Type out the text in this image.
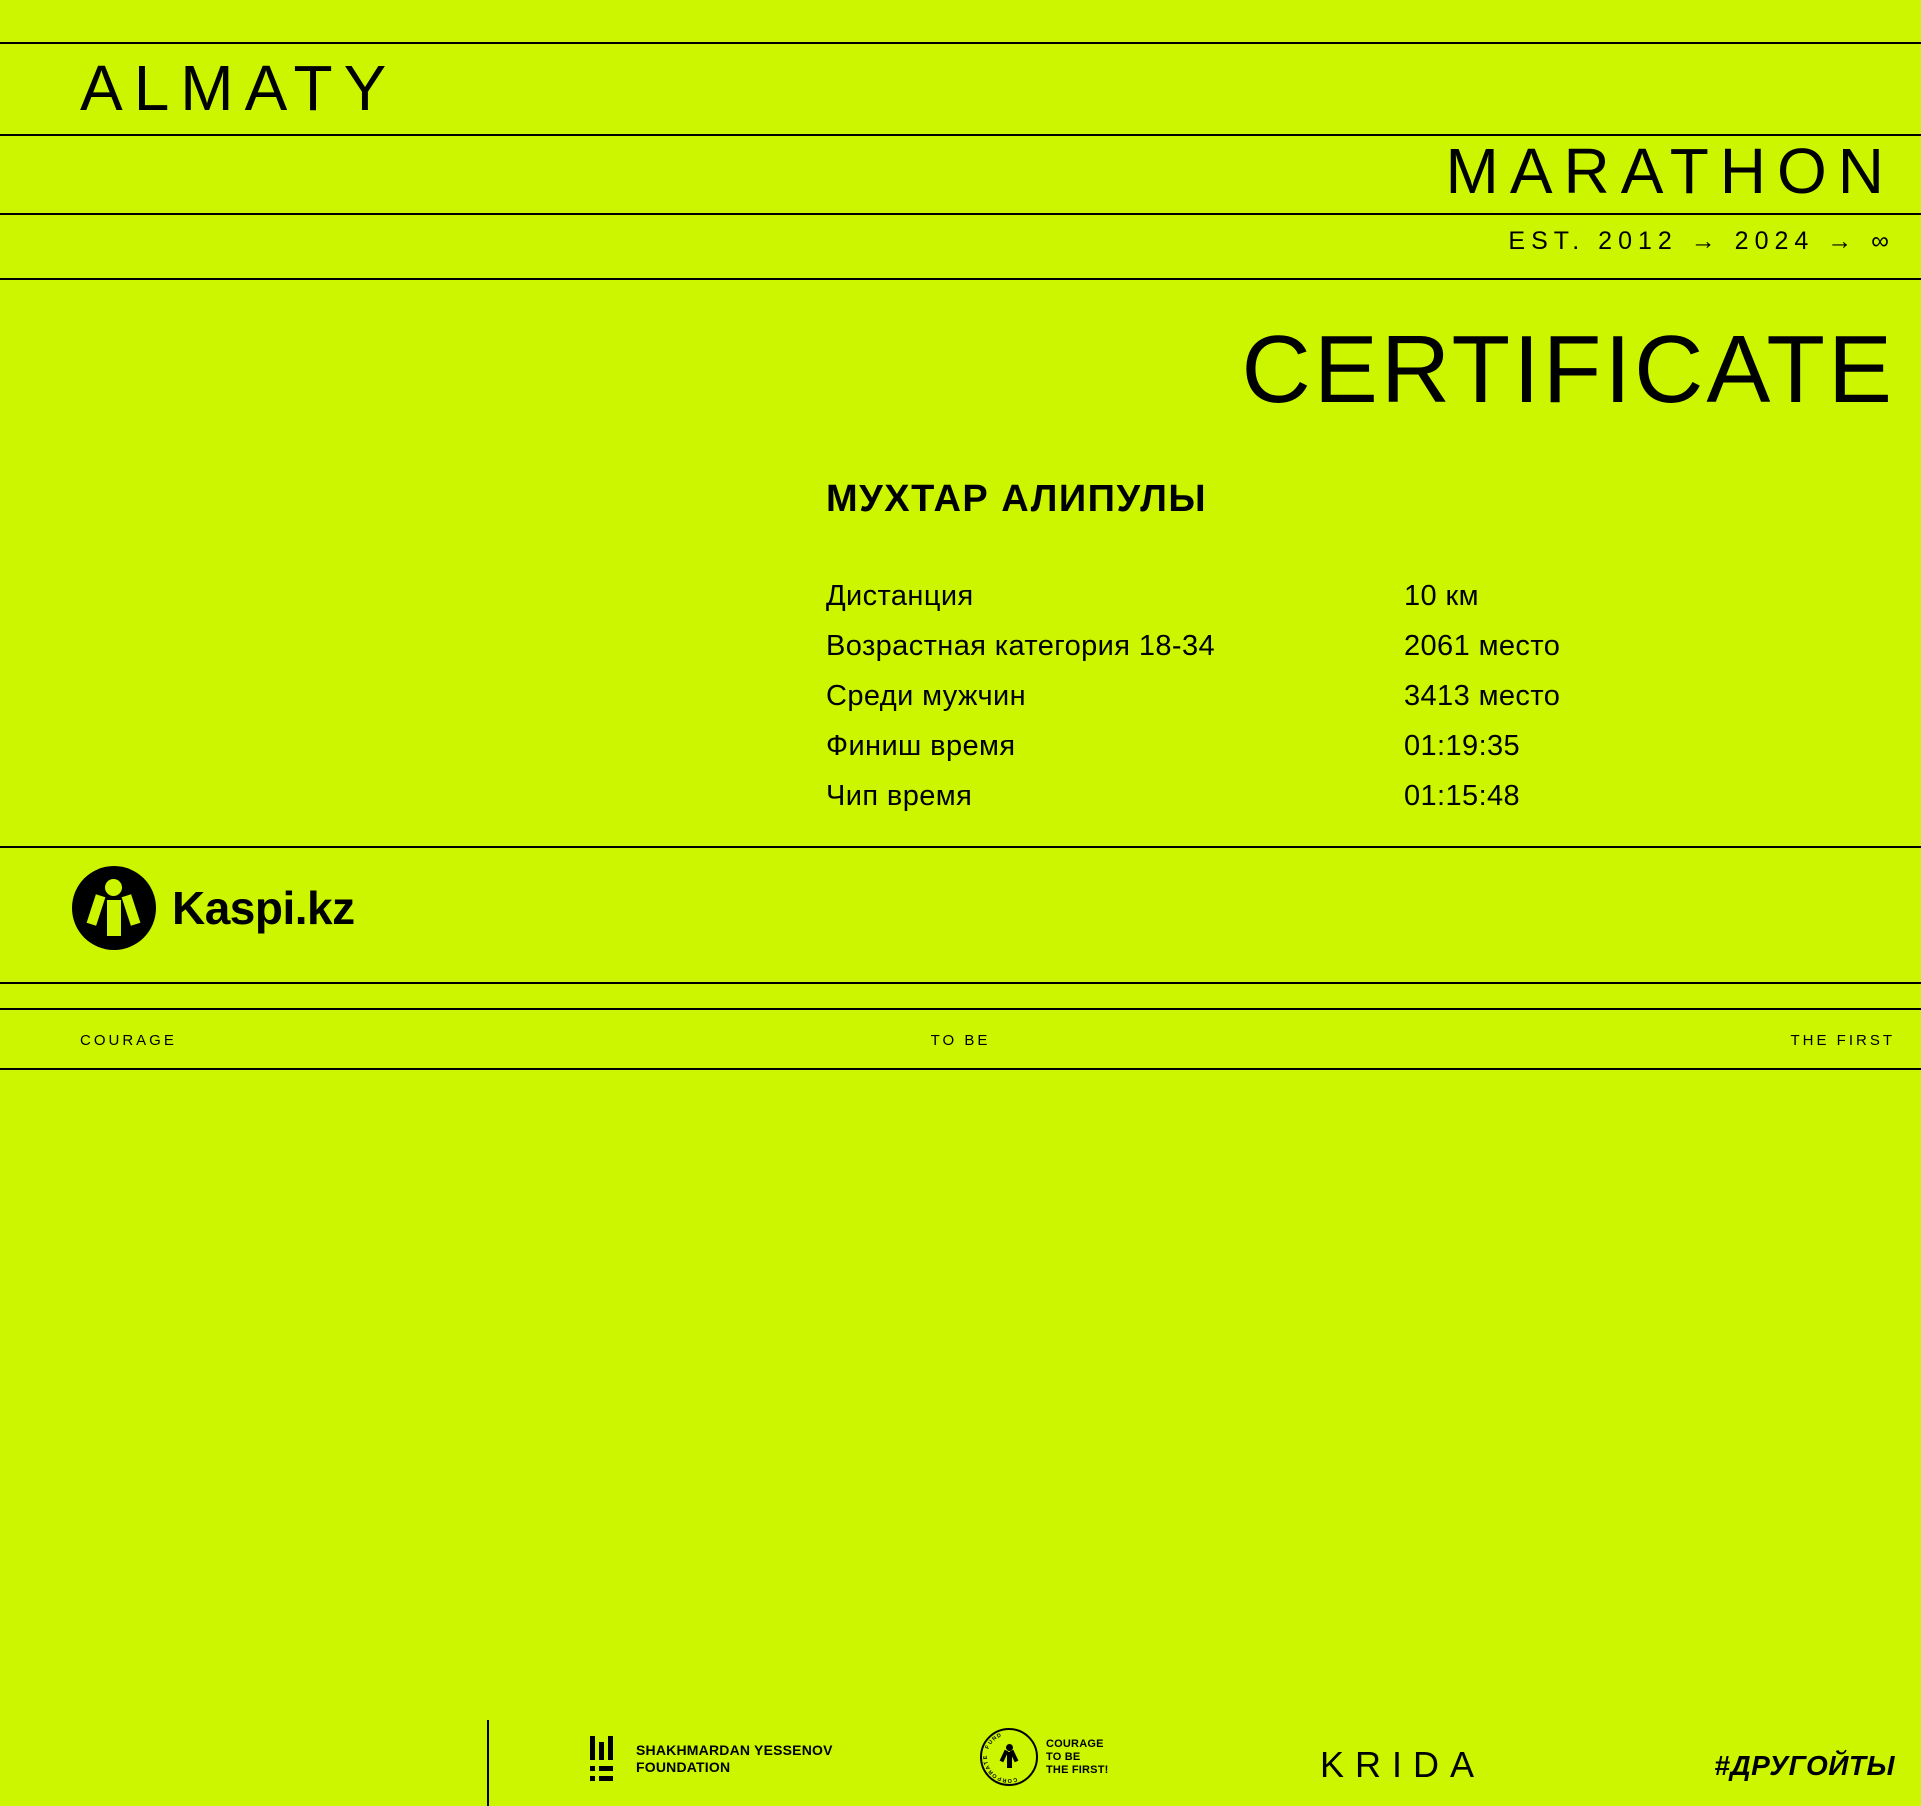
ALMATY
MARATHON
EST. 2012 → 2024 → ∞
CERTIFICATE
МУХТАР АЛИПУЛЫ
Дистанция	10 км
Возрастная категория 18-34	2061 место
Среди мужчин	3413 место
Финиш время	01:19:35
Чип время	01:15:48
Kaspi.kz
SHAKHMARDAN YESSENOV
FOUNDATION
C
O
R
P
O
R
A
T
E
F
U
N
D
COURAGE
TO BE
THE FIRST!	KRIDA	#ДРУГОЙТЫ
COURAGE	TO BE	THE FIRST
